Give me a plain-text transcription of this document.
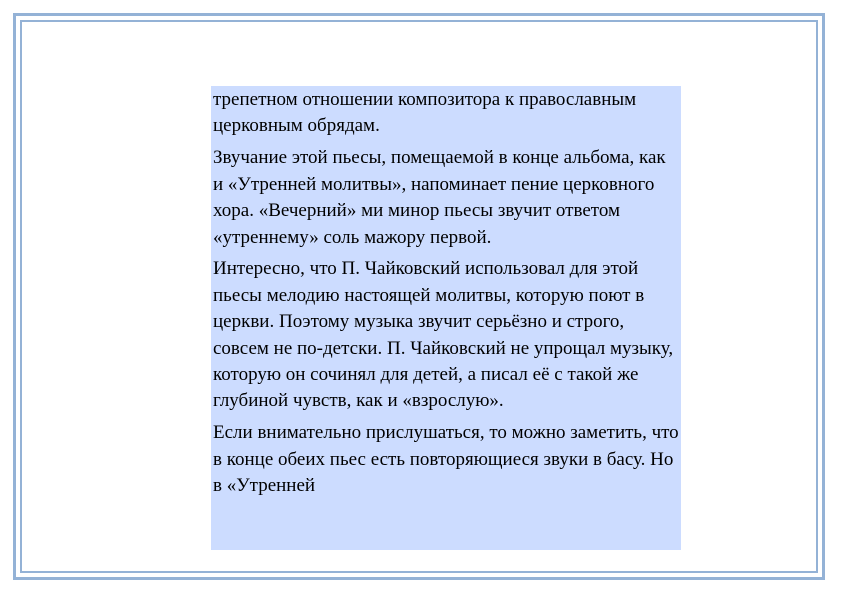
трепетном отношении композитора к православным церковным обрядам.

Звучание этой пьесы, помещаемой в конце альбома, как и «Утренней молитвы», напоминает пение церковного хора. «Вечерний» ми минор пьесы звучит ответом «утреннему» соль мажору первой.

Интересно, что П. Чайковский использовал для этой пьесы мелодию настоящей молитвы, которую поют в церкви. Поэтому музыка звучит серьёзно и строго, совсем не по-детски. П. Чайковский не упрощал музыку, которую он сочинял для детей, а писал её с такой же глубиной чувств, как и «взрослую».

Если внимательно прислушаться, то можно заметить, что в конце обеих пьес есть повторяющиеся звуки в басу. Но в «Утренней
